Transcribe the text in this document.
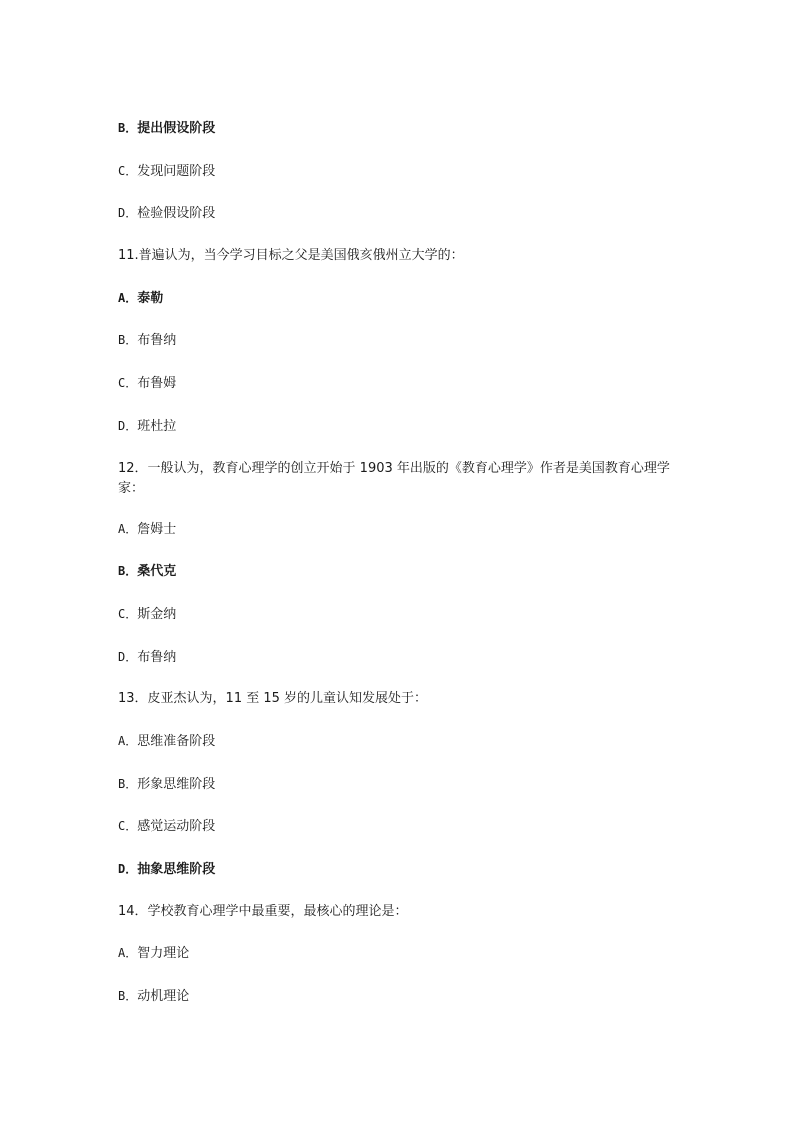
B．提出假设阶段
C．发现问题阶段
D．检验假设阶段
11.普遍认为，当今学习目标之父是美国俄亥俄州立大学的：
A．泰勒
B．布鲁纳
C．布鲁姆
D．班杜拉
12．一般认为，教育心理学的创立开始于 1903 年出版的《教育心理学》作者是美国教育心理学家：
A．詹姆士
B．桑代克
C．斯金纳
D．布鲁纳
13．皮亚杰认为，11 至 15 岁的儿童认知发展处于：
A．思维准备阶段
B．形象思维阶段
C．感觉运动阶段
D．抽象思维阶段
14．学校教育心理学中最重要，最核心的理论是：
A．智力理论
B．动机理论
